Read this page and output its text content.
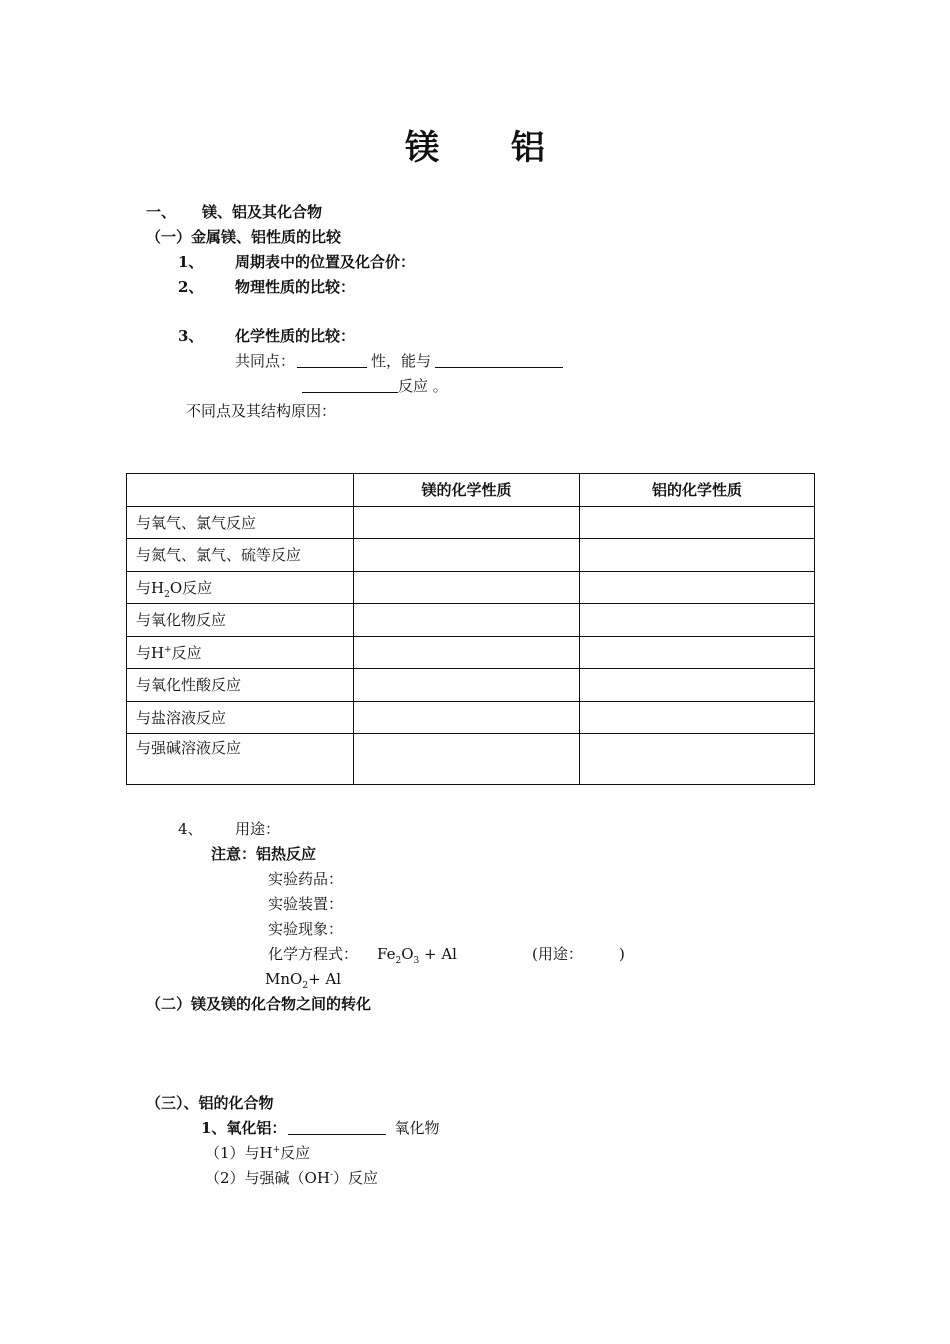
镁 铝
一、 镁、铝及其化合物
（一）金属镁、铝性质的比较
1、 周期表中的位置及化合价：
2、 物理性质的比较：
3、 化学性质的比较：
共同点：	性，能与
反应 。
不同点及其结构原因：
	镁的化学性质	铝的化学性质
与氧气、氯气反应		
与氮气、氯气、硫等反应		
与$H_2O$反应		
与氧化物反应		
与H+反应		
与氧化性酸反应		
与盐溶液反应		
与强碱溶液反应		
4、 用途：
注意：铝热反应
实验药品：
实验装置：
实验现象：
化学方程式： $Fe_2O_3 + Al$	(用途： )
MnO$_2$+ Al
（二）镁及镁的化合物之间的转化
（三）、铝的化合物
1、氧化铝：	氧化物
（1）与H+反应
（2）与强碱（OH-）反应
